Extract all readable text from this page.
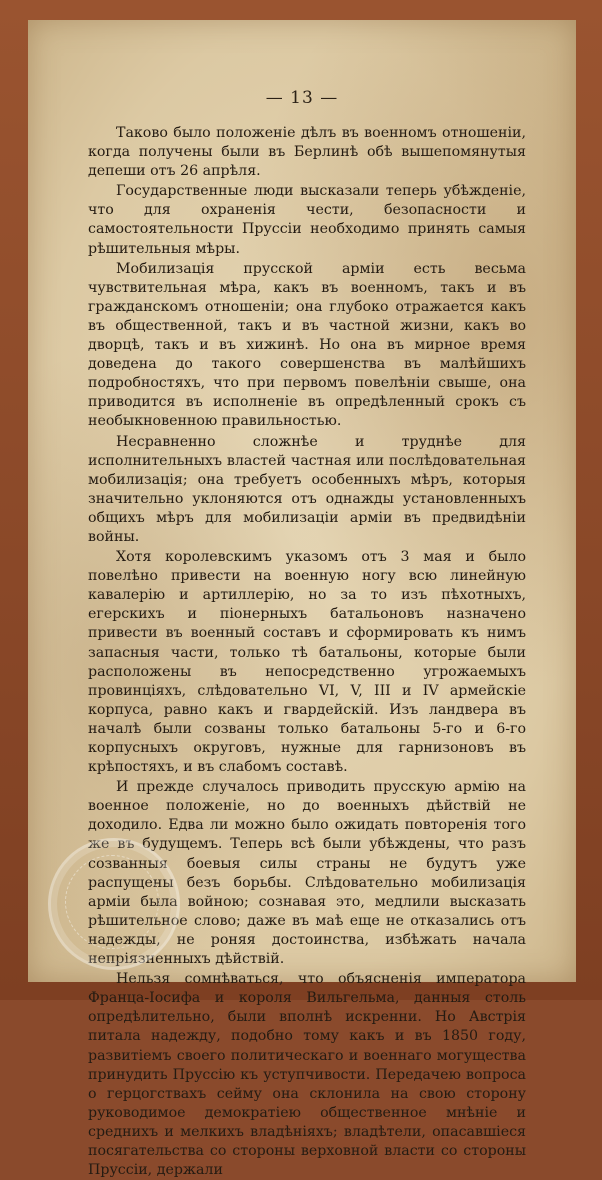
— 13 —

Таково было положеніе дѣлъ въ военномъ отношеніи, когда получены были въ Берлинѣ обѣ вышепомянутыя депеши отъ 26 апрѣля.

Государственные люди высказали теперь убѣжденіе, что для охраненія чести, безопасности и самостоятельности Пруссіи необходимо принять самыя рѣшительныя мѣры.

Мобилизація прусской арміи есть весьма чувствительная мѣра, какъ въ военномъ, такъ и въ гражданскомъ отношеніи; она глубоко отражается какъ въ общественной, такъ и въ частной жизни, какъ во дворцѣ, такъ и въ хижинѣ. Но она въ мирное время доведена до такого совершенства въ малѣйшихъ подробностяхъ, что при первомъ повелѣніи свыше, она приводится въ исполненіе въ опредѣленный срокъ съ необыкновенною правильностью.

Несравненно сложнѣе и труднѣе для исполнительныхъ властей частная или послѣдовательная мобилизація; она требуетъ особенныхъ мѣръ, которыя значительно уклоняются отъ однажды установленныхъ общихъ мѣръ для мобилизаціи арміи въ предвидѣніи войны.

Хотя королевскимъ указомъ отъ 3 мая и было повелѣно привести на военную ногу всю линейную кавалерію и артиллерію, но за то изъ пѣхотныхъ, егерскихъ и піонерныхъ батальоновъ назначено привести въ военный составъ и сформировать къ нимъ запасныя части, только тѣ батальоны, которые были расположены въ непосредственно угрожаемыхъ провинціяхъ, слѣдовательно VI, V, III и IV армейскіе корпуса, равно какъ и гвардейскій. Изъ ландвера въ началѣ были созваны только батальоны 5-го и 6-го корпусныхъ округовъ, нужные для гарнизоновъ въ крѣпостяхъ, и въ слабомъ составѣ.

И прежде случалось приводить прусскую армію на военное положеніе, но до военныхъ дѣйствій не доходило. Едва ли можно было ожидать повторенія того же въ будущемъ. Теперь всѣ были убѣждены, что разъ созванныя боевыя силы страны не будутъ уже распущены безъ борьбы. Слѣдовательно мобилизація арміи была войною; сознавая это, медлили высказать рѣшительное слово; даже въ маѣ еще не отказались отъ надежды, не роняя достоинства, избѣжать начала непріязненныхъ дѣйствій.

Нельзя сомнѣваться, что объясненія императора Франца-Іосифа и короля Вильгельма, данныя столь опредѣлительно, были вполнѣ искренни. Но Австрія питала надежду, подобно тому какъ и въ 1850 году, развитіемъ своего политическаго и военнаго могущества принудить Пруссію къ уступчивости. Передачею вопроса о герцогствахъ сейму она склонила на свою сторону руководимое демократіею общественное мнѣніе и среднихъ и мелкихъ владѣніяхъ; владѣтели, опасавшіеся посягательства со стороны верховной власти со стороны Пруссіи, держали
